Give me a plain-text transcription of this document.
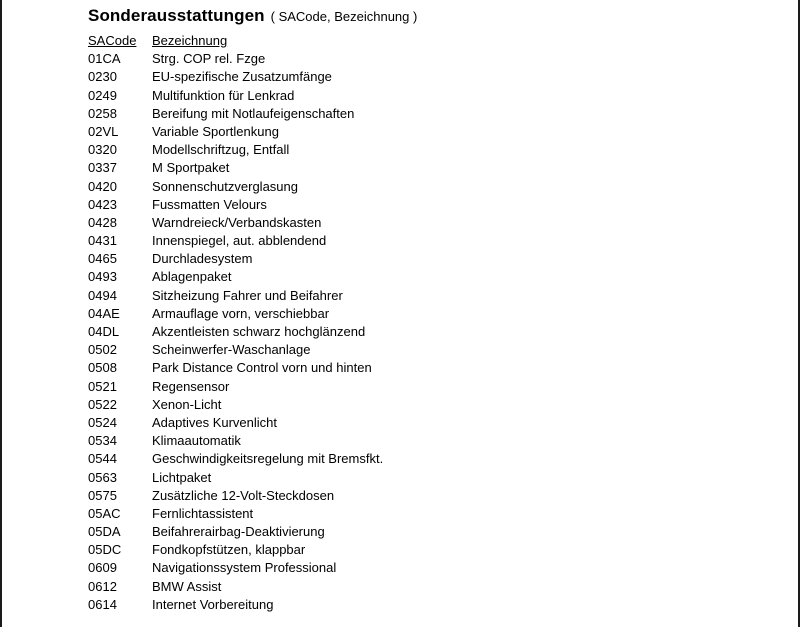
Sonderausstattungen ( SACode, Bezeichnung )
SACode	Bezeichnung
01CA	Strg. COP rel. Fzge
0230	EU-spezifische Zusatzumfänge
0249	Multifunktion für Lenkrad
0258	Bereifung mit Notlaufeigenschaften
02VL	Variable Sportlenkung
0320	Modellschriftzug, Entfall
0337	M Sportpaket
0420	Sonnenschutzverglasung
0423	Fussmatten Velours
0428	Warndreieck/Verbandskasten
0431	Innenspiegel, aut. abblendend
0465	Durchladesystem
0493	Ablagenpaket
0494	Sitzheizung Fahrer und Beifahrer
04AE	Armauflage vorn, verschiebbar
04DL	Akzentleisten schwarz hochglänzend
0502	Scheinwerfer-Waschanlage
0508	Park Distance Control vorn und hinten
0521	Regensensor
0522	Xenon-Licht
0524	Adaptives Kurvenlicht
0534	Klimaautomatik
0544	Geschwindigkeitsregelung mit Bremsfkt.
0563	Lichtpaket
0575	Zusätzliche 12-Volt-Steckdosen
05AC	Fernlichtassistent
05DA	Beifahrerairbag-Deaktivierung
05DC	Fondkopfstützen, klappbar
0609	Navigationssystem Professional
0612	BMW Assist
0614	Internet Vorbereitung
